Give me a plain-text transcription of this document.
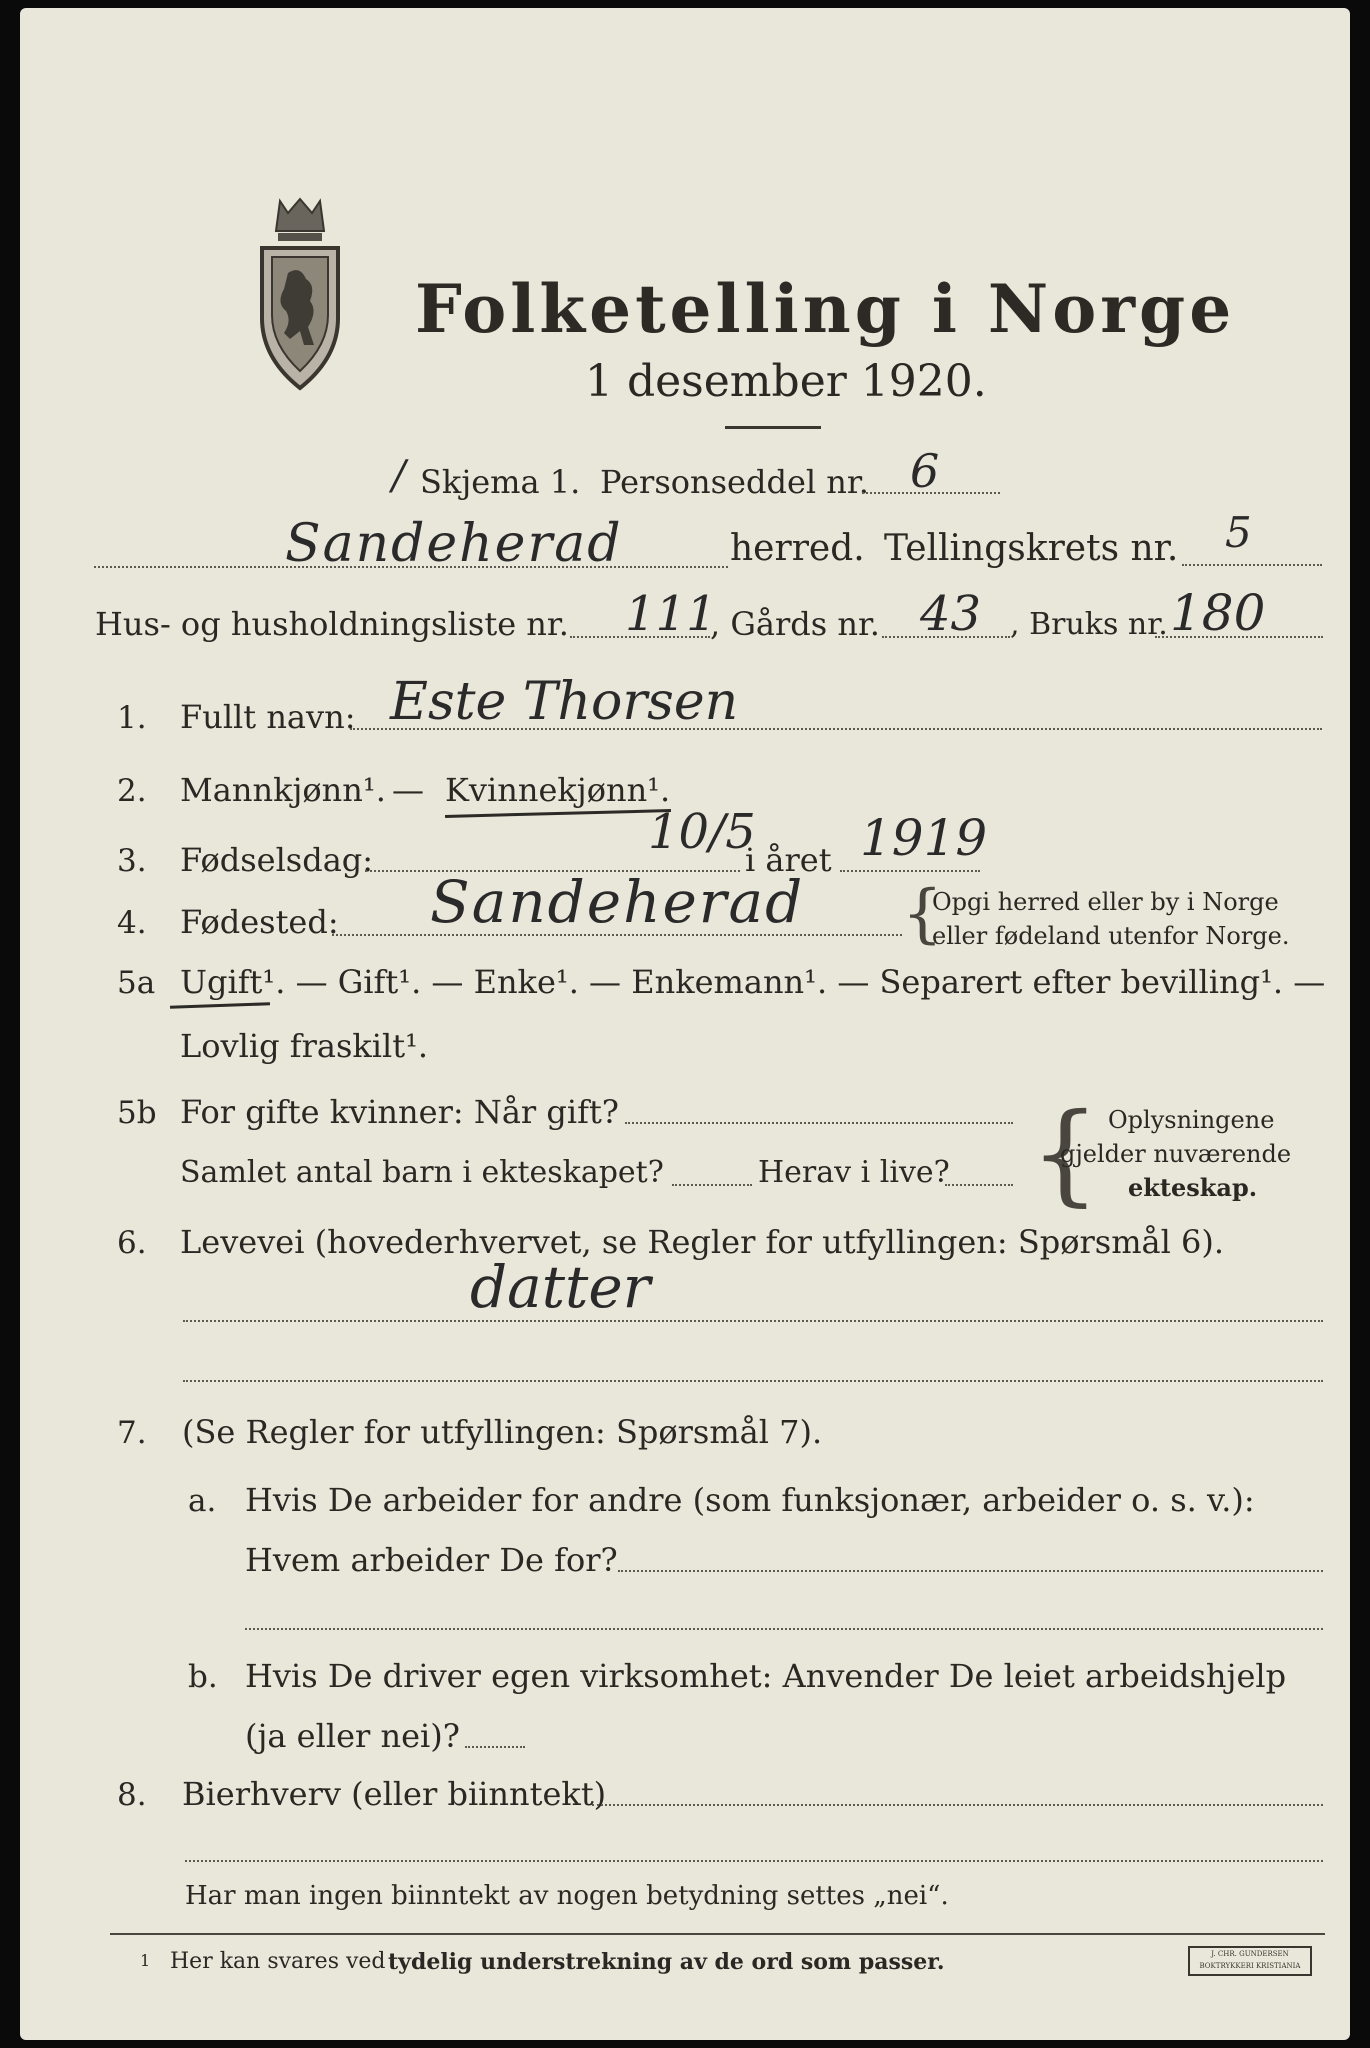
Folketelling i Norge
1 desember 1920.
/ Skjema 1. Personseddel nr. 6
Sandeherad	herred. Tellingskrets nr. 5
Hus- og husholdningsliste nr. 111
, Gårds nr. 43 , Bruks nr. 180
1. Fullt navn: Este Thorsen
2. Mannkjønn¹. — Kvinnekjønn¹.
3. Fødselsdag:	10/5
i året 1919
4. Fødested: Sandeherad {
Opgi herred eller by i Norge
eller fødeland utenfor Norge.
5a Ugift¹. — Gift¹. — Enke¹. — Enkemann¹. — Separert efter bevilling¹. —
Lovlig fraskilt¹.
5b For gifte kvinner: Når gift?
Samlet antal barn i ekteskapet?	Herav i live? { Oplysningene
gjelder nuværende
ekteskap.
6. Levevei (hovederhvervet, se Regler for utfyllingen: Spørsmål 6).
datter
7. (Se Regler for utfyllingen: Spørsmål 7).
a. Hvis De arbeider for andre (som funksjonær, arbeider o. s. v.):
Hvem arbeider De for?
b. Hvis De driver egen virksomhet: Anvender De leiet arbeidshjelp
(ja eller nei)?
8. Bierhverv (eller biinntekt)
Har man ingen biinntekt av nogen betydning settes „nei“.
1 Her kan svares ved tydelig understrekning av de ord som passer.	J. CHR. GUNDERSEN BOKTRYKKERI KRISTIANIA
